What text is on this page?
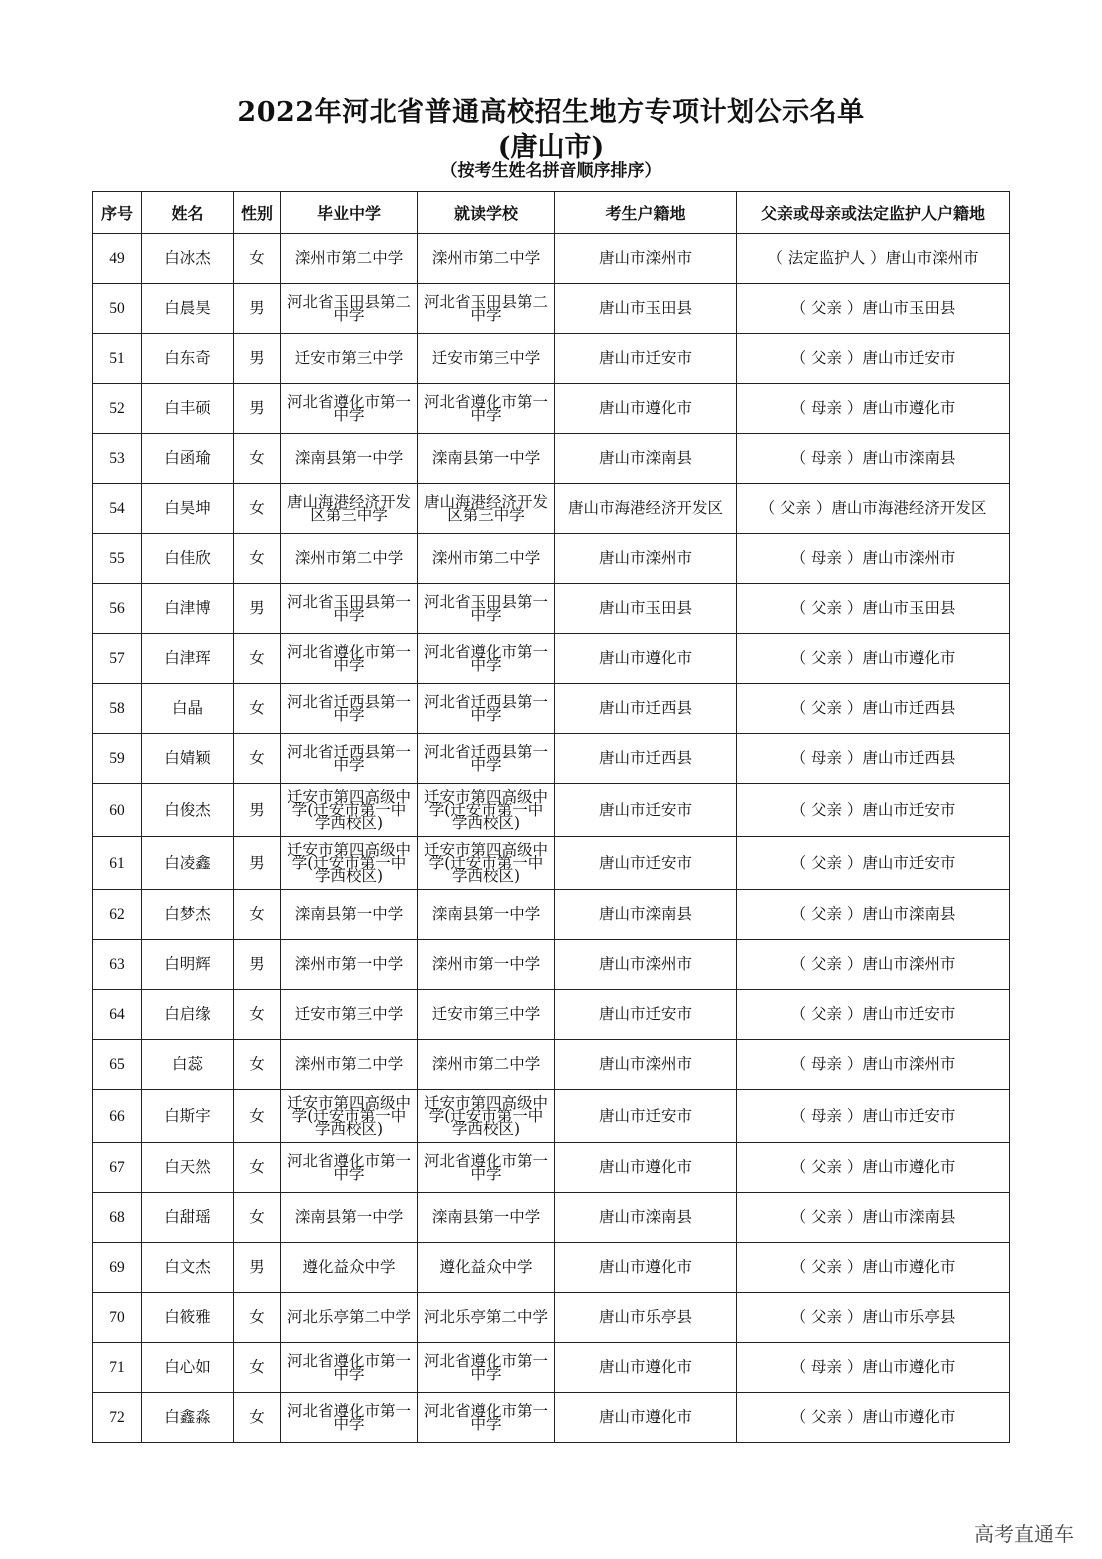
2022年河北省普通高校招生地方专项计划公示名单
(唐山市)
（按考生姓名拼音顺序排序）
序号	姓名	性别	毕业中学	就读学校	考生户籍地	父亲或母亲或法定监护人户籍地
49	白冰杰	女	滦州市第二中学	滦州市第二中学	唐山市滦州市	（ 法定监护人 ）唐山市滦州市
50	白晨昊	男	河北省玉田县第二中学	河北省玉田县第二中学	唐山市玉田县	（ 父亲 ）唐山市玉田县
51	白东奇	男	迁安市第三中学	迁安市第三中学	唐山市迁安市	（ 父亲 ）唐山市迁安市
52	白丰硕	男	河北省遵化市第一中学	河北省遵化市第一中学	唐山市遵化市	（ 母亲 ）唐山市遵化市
53	白函瑜	女	滦南县第一中学	滦南县第一中学	唐山市滦南县	（ 母亲 ）唐山市滦南县
54	白昊坤	女	唐山海港经济开发区第三中学	唐山海港经济开发区第三中学	唐山市海港经济开发区	（ 父亲 ）唐山市海港经济开发区
55	白佳欣	女	滦州市第二中学	滦州市第二中学	唐山市滦州市	（ 母亲 ）唐山市滦州市
56	白津博	男	河北省玉田县第一中学	河北省玉田县第一中学	唐山市玉田县	（ 父亲 ）唐山市玉田县
57	白津珲	女	河北省遵化市第一中学	河北省遵化市第一中学	唐山市遵化市	（ 父亲 ）唐山市遵化市
58	白晶	女	河北省迁西县第一中学	河北省迁西县第一中学	唐山市迁西县	（ 父亲 ）唐山市迁西县
59	白婧颖	女	河北省迁西县第一中学	河北省迁西县第一中学	唐山市迁西县	（ 母亲 ）唐山市迁西县
60	白俊杰	男	迁安市第四高级中学(迁安市第一中学西校区)	迁安市第四高级中学(迁安市第一中学西校区)	唐山市迁安市	（ 父亲 ）唐山市迁安市
61	白凌鑫	男	迁安市第四高级中学(迁安市第一中学西校区)	迁安市第四高级中学(迁安市第一中学西校区)	唐山市迁安市	（ 父亲 ）唐山市迁安市
62	白梦杰	女	滦南县第一中学	滦南县第一中学	唐山市滦南县	（ 父亲 ）唐山市滦南县
63	白明辉	男	滦州市第一中学	滦州市第一中学	唐山市滦州市	（ 父亲 ）唐山市滦州市
64	白启缘	女	迁安市第三中学	迁安市第三中学	唐山市迁安市	（ 父亲 ）唐山市迁安市
65	白蕊	女	滦州市第二中学	滦州市第二中学	唐山市滦州市	（ 母亲 ）唐山市滦州市
66	白斯宇	女	迁安市第四高级中学(迁安市第一中学西校区)	迁安市第四高级中学(迁安市第一中学西校区)	唐山市迁安市	（ 母亲 ）唐山市迁安市
67	白天然	女	河北省遵化市第一中学	河北省遵化市第一中学	唐山市遵化市	（ 父亲 ）唐山市遵化市
68	白甜瑶	女	滦南县第一中学	滦南县第一中学	唐山市滦南县	（ 父亲 ）唐山市滦南县
69	白文杰	男	遵化益众中学	遵化益众中学	唐山市遵化市	（ 父亲 ）唐山市遵化市
70	白筱雅	女	河北乐亭第二中学	河北乐亭第二中学	唐山市乐亭县	（ 父亲 ）唐山市乐亭县
71	白心如	女	河北省遵化市第一中学	河北省遵化市第一中学	唐山市遵化市	（ 母亲 ）唐山市遵化市
72	白鑫淼	女	河北省遵化市第一中学	河北省遵化市第一中学	唐山市遵化市	（ 父亲 ）唐山市遵化市
高考直通车
